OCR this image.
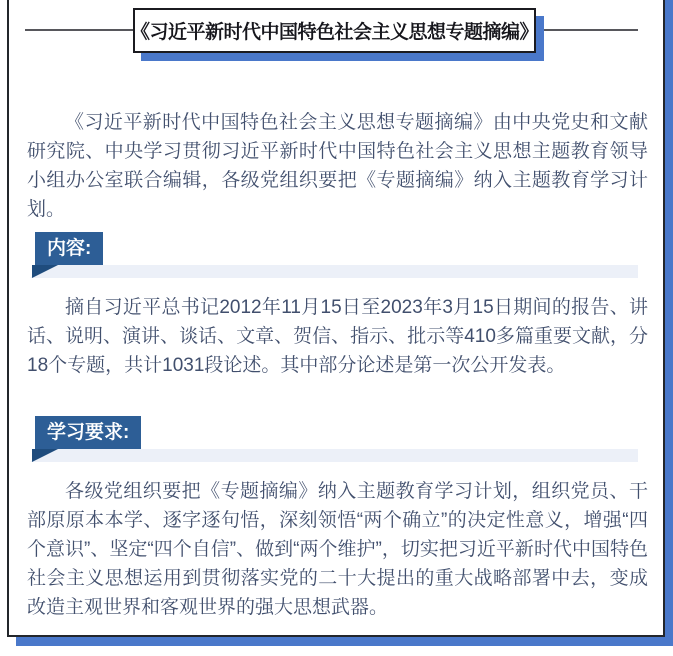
《习近平新时代中国特色社会主义思想专题摘编》由中央党史和文献研究院、中央学习贯彻习近平新时代中国特色社会主义思想主题教育领导小组办公室联合编辑，各级党组织要把《专题摘编》纳入主题教育学习计划。

内容:

摘自习近平总书记2012年11月15日至2023年3月15日期间的报告、讲话、说明、演讲、谈话、文章、贺信、指示、批示等410多篇重要文献，分18个专题，共计1031段论述。其中部分论述是第一次公开发表。

学习要求:

各级党组织要把《专题摘编》纳入主题教育学习计划，组织党员、干部原原本本学、逐字逐句悟，深刻领悟“两个确立”的决定性意义，增强“四个意识”、坚定“四个自信”、做到“两个维护”，切实把习近平新时代中国特色社会主义思想运用到贯彻落实党的二十大提出的重大战略部署中去，变成改造主观世界和客观世界的强大思想武器。

《习近平新时代中国特色社会主义思想专题摘编》
